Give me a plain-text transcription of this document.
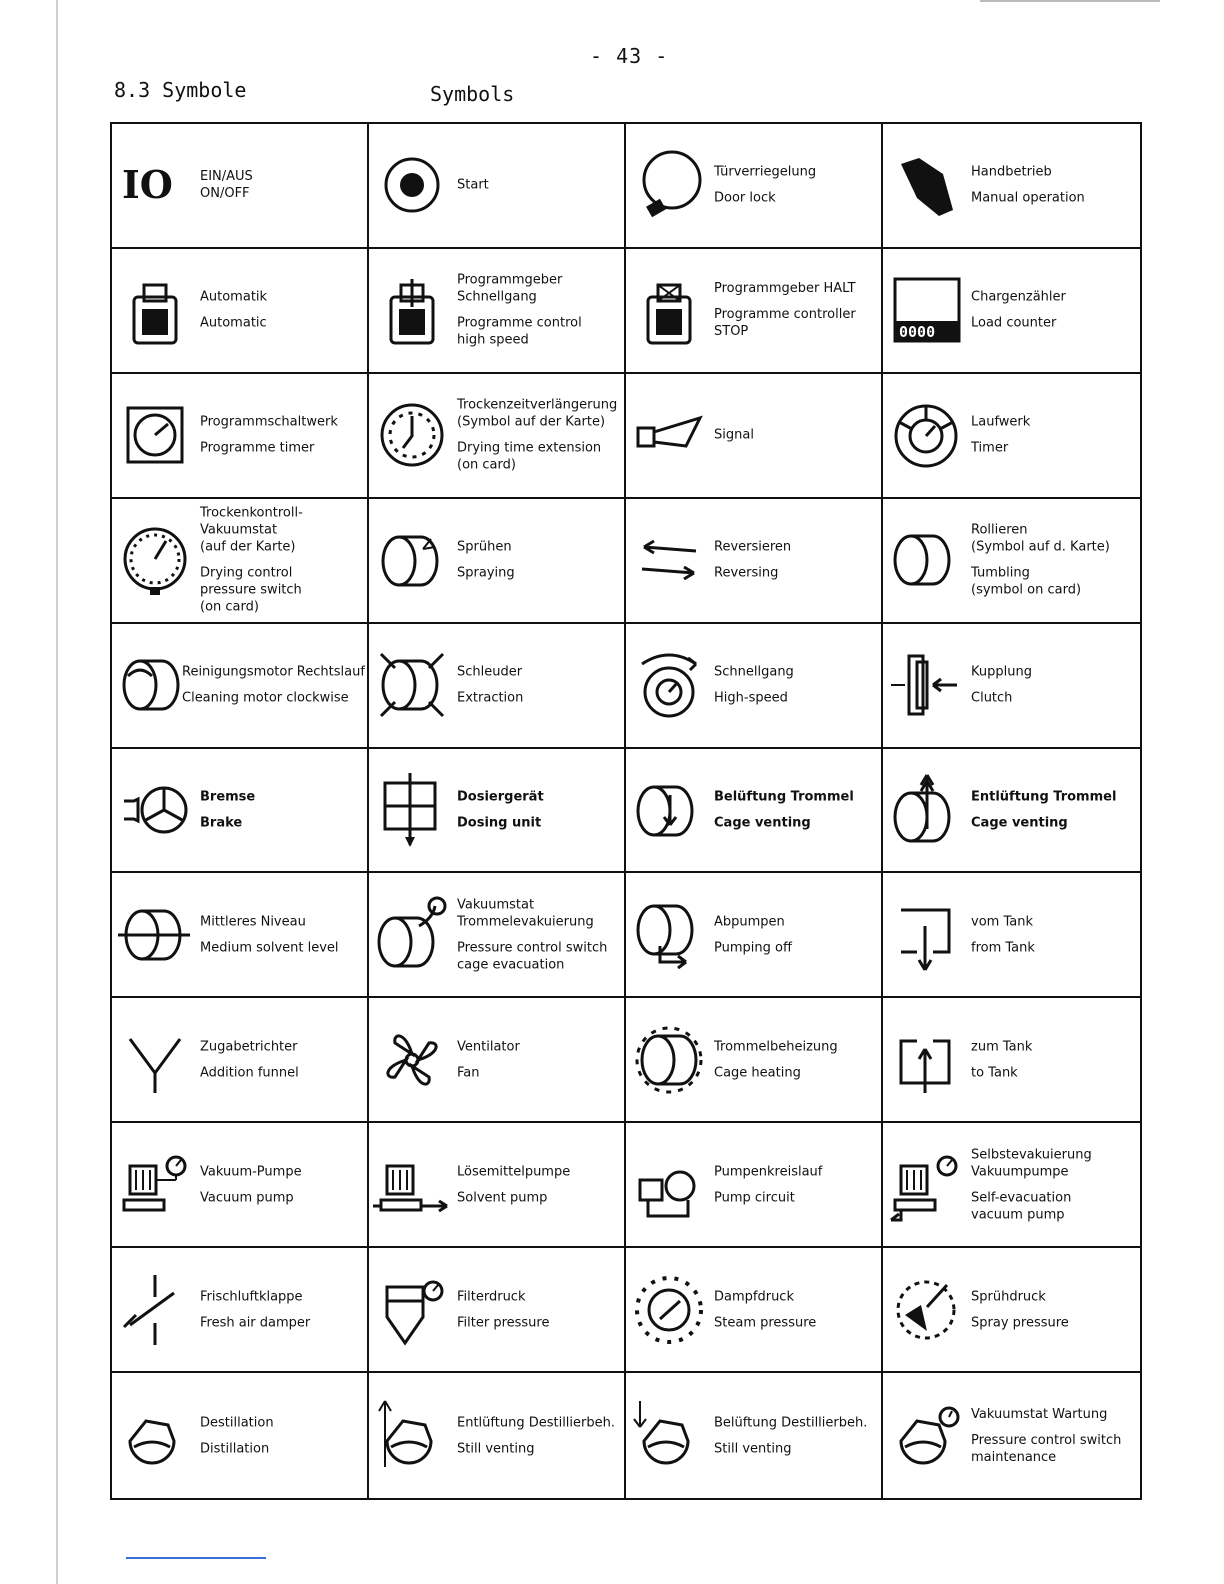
- 43 -
8.3 Symbole	Symbols
IO EIN/AUS
ON/OFF
Start
Türverriegelung
Door lock
Handbetrieb
Manual operation
Automatik
Automatic
Programmgeber
Schnellgang
Programme control
high speed
Programmgeber HALT
Programme controller
STOP	0000
Chargenzähler
Load counter
Programmschaltwerk
Programme timer
Trockenzeitverlängerung
(Symbol auf der Karte)
Drying time extension
(on card)
Signal
Laufwerk
Timer
Trockenkontroll-
Vakuumstat
(auf der Karte)
Drying control
pressure switch
(on card)
Sprühen
Spraying
Reversieren
Reversing
Rollieren
(Symbol auf d. Karte)
Tumbling
(symbol on card)
Reinigungsmotor Rechtslauf
Cleaning motor clockwise
Schleuder
Extraction
Schnellgang
High-speed
Kupplung
Clutch
Bremse
Brake
Dosiergerät
Dosing unit
Belüftung Trommel
Cage venting
Entlüftung Trommel
Cage venting
Mittleres Niveau
Medium solvent level
Vakuumstat
Trommelevakuierung
Pressure control switch
cage evacuation
Abpumpen
Pumping off
vom Tank
from Tank
Zugabetrichter
Addition funnel
Ventilator
Fan
Trommelbeheizung
Cage heating
zum Tank
to Tank
Vakuum-Pumpe
Vacuum pump
Lösemittelpumpe
Solvent pump
Pumpenkreislauf
Pump circuit
Selbstevakuierung
Vakuumpumpe
Self-evacuation
vacuum pump
Frischluftklappe
Fresh air damper
Filterdruck
Filter pressure
Dampfdruck
Steam pressure
Sprühdruck
Spray pressure
Destillation
Distillation
Entlüftung Destillierbeh.
Still venting
Belüftung Destillierbeh.
Still venting
Vakuumstat Wartung
Pressure control switch
maintenance
